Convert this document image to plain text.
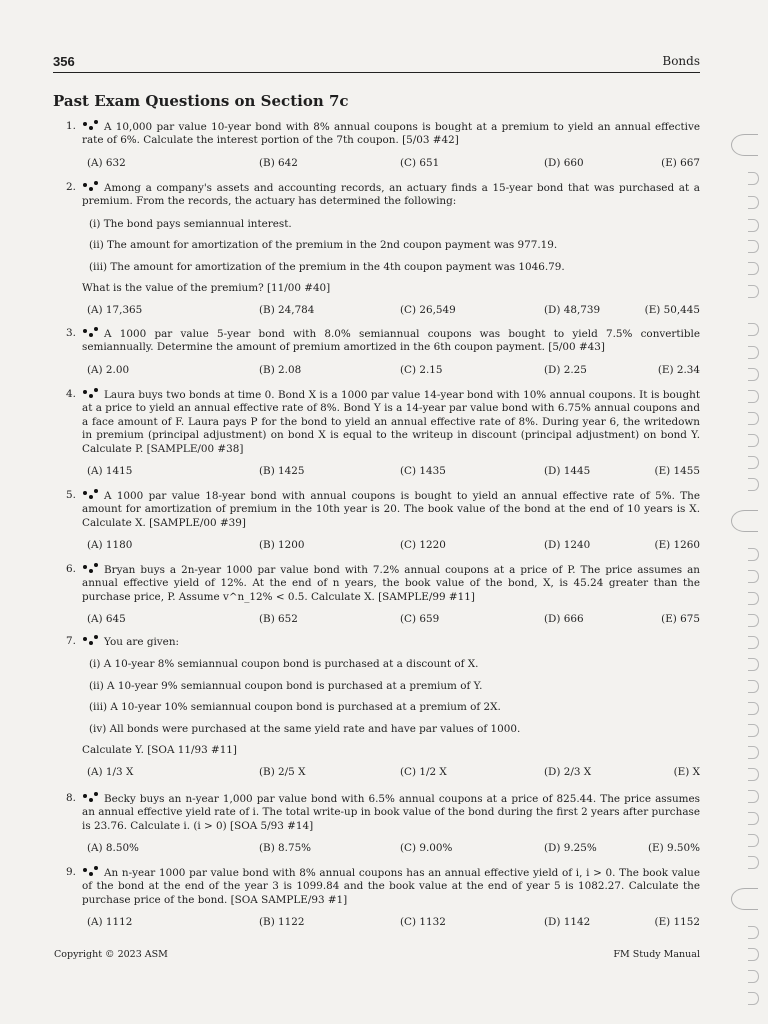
356	Bonds
Past Exam Questions on Section 7c
1.	A 10,000 par value 10-year bond with 8% annual coupons is bought at a premium to yield an annual effective rate of 6%. Calculate the interest portion of the 7th coupon. [5/03 #42]
(A) 632	(B) 642	(C) 651	(D) 660	(E) 667
2.	Among a company's assets and accounting records, an actuary finds a 15-year bond that was purchased at a premium. From the records, the actuary has determined the following:
(i) The bond pays semiannual interest.
(ii) The amount for amortization of the premium in the 2nd coupon payment was 977.19.
(iii) The amount for amortization of the premium in the 4th coupon payment was 1046.79.
What is the value of the premium? [11/00 #40]
(A) 17,365	(B) 24,784	(C) 26,549	(D) 48,739	(E) 50,445
3.	A 1000 par value 5-year bond with 8.0% semiannual coupons was bought to yield 7.5% convertible semiannually. Determine the amount of premium amortized in the 6th coupon payment. [5/00 #43]
(A) 2.00	(B) 2.08	(C) 2.15	(D) 2.25	(E) 2.34
4.	Laura buys two bonds at time 0. Bond X is a 1000 par value 14-year bond with 10% annual coupons. It is bought at a price to yield an annual effective rate of 8%. Bond Y is a 14-year par value bond with 6.75% annual coupons and a face amount of F. Laura pays P for the bond to yield an annual effective rate of 8%. During year 6, the writedown in premium (principal adjustment) on bond X is equal to the writeup in discount (principal adjustment) on bond Y. Calculate P. [SAMPLE/00 #38]
(A) 1415	(B) 1425	(C) 1435	(D) 1445	(E) 1455
5.	A 1000 par value 18-year bond with annual coupons is bought to yield an annual effective rate of 5%. The amount for amortization of premium in the 10th year is 20. The book value of the bond at the end of 10 years is X. Calculate X. [SAMPLE/00 #39]
(A) 1180	(B) 1200	(C) 1220	(D) 1240	(E) 1260
6.	Bryan buys a 2n-year 1000 par value bond with 7.2% annual coupons at a price of P. The price assumes an annual effective yield of 12%. At the end of n years, the book value of the bond, X, is 45.24 greater than the purchase price, P. Assume v^n_12% < 0.5. Calculate X. [SAMPLE/99 #11]
(A) 645	(B) 652	(C) 659	(D) 666	(E) 675
7.	You are given:
(i) A 10-year 8% semiannual coupon bond is purchased at a discount of X.
(ii) A 10-year 9% semiannual coupon bond is purchased at a premium of Y.
(iii) A 10-year 10% semiannual coupon bond is purchased at a premium of 2X.
(iv) All bonds were purchased at the same yield rate and have par values of 1000.
Calculate Y. [SOA 11/93 #11]
(A) 1/3 X	(B) 2/5 X	(C) 1/2 X	(D) 2/3 X	(E) X
8.	Becky buys an n-year 1,000 par value bond with 6.5% annual coupons at a price of 825.44. The price assumes an annual effective yield rate of i. The total write-up in book value of the bond during the first 2 years after purchase is 23.76. Calculate i. (i > 0) [SOA 5/93 #14]
(A) 8.50%	(B) 8.75%	(C) 9.00%	(D) 9.25%	(E) 9.50%
9.	An n-year 1000 par value bond with 8% annual coupons has an annual effective yield of i, i > 0. The book value of the bond at the end of the year 3 is 1099.84 and the book value at the end of year 5 is 1082.27. Calculate the purchase price of the bond. [SOA SAMPLE/93 #1]
(A) 1112	(B) 1122	(C) 1132	(D) 1142	(E) 1152
Copyright © 2023 ASM	FM Study Manual
